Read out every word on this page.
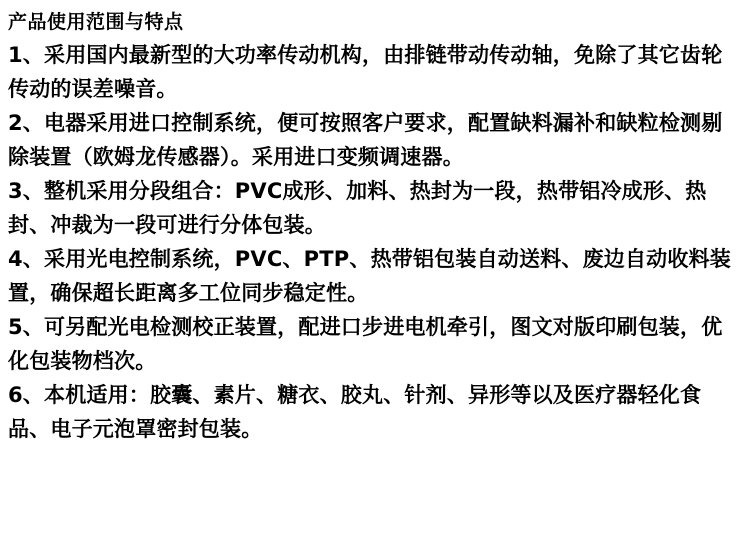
产品使用范围与特点

1、采用国内最新型的大功率传动机构，由排链带动传动轴，免除了其它齿轮传动的误差噪音。

2、电器采用进口控制系统，便可按照客户要求，配置缺料漏补和缺粒检测剔除装置（欧姆龙传感器）。采用进口变频调速器。

3、整机采用分段组合：PVC成形、加料、热封为一段，热带铝冷成形、热封、冲裁为一段可进行分体包装。

4、采用光电控制系统，PVC、PTP、热带铝包装自动送料、废边自动收料装置，确保超长距离多工位同步稳定性。

5、可另配光电检测校正装置，配进口步进电机牵引，图文对版印刷包装，优化包装物档次。

6、本机适用：胶囊、素片、糖衣、胶丸、针剂、异形等以及医疗器轻化食品、电子元泡罩密封包装。
